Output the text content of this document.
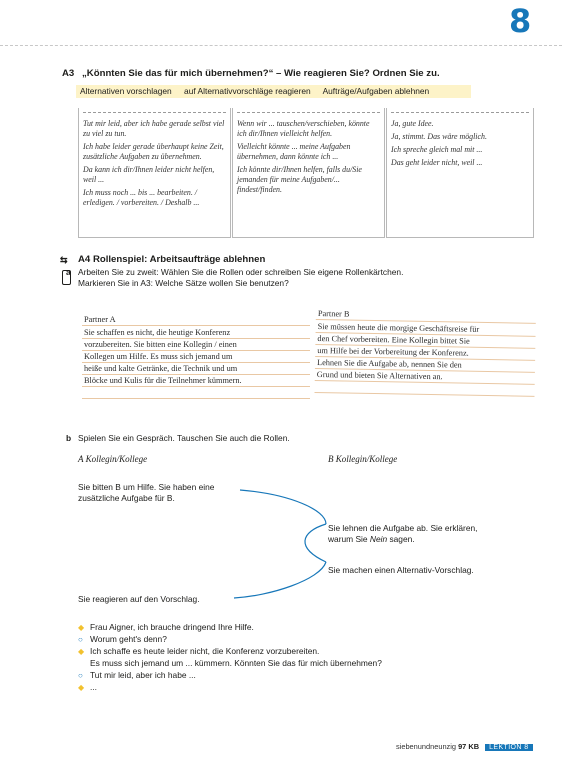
8
A3 „Könnten Sie das für mich übernehmen?“ – Wie reagieren Sie? Ordnen Sie zu.
Alternativen vorschlagen auf Alternativvorschläge reagieren Aufträge/Aufgaben ablehnen

Tut mir leid, aber ich habe gerade selbst viel zu viel zu tun.

Ich habe leider gerade überhaupt keine Zeit, zusätzliche Aufgaben zu übernehmen.

Da kann ich dir/Ihnen leider nicht helfen, weil ...

Ich muss noch ... bis ... bearbeiten. / erledigen. / vorbereiten. / Deshalb ...

Wenn wir ... tauschen/verschieben, könnte ich dir/Ihnen vielleicht helfen.

Vielleicht könnte ... meine Aufgaben übernehmen, dann könnte ich ...

Ich könnte dir/Ihnen helfen, falls du/Sie jemanden für meine Aufgaben/... findest/finden.

Ja, gute Idee.

Ja, stimmt. Das wäre möglich.

Ich spreche gleich mal mit ...

Das geht leider nicht, weil ...

⇆ A4 Rollenspiel: Arbeitsaufträge ablehnen
a Arbeiten Sie zu zweit: Wählen Sie die Rollen oder schreiben Sie eigene Rollenkärtchen.
Markieren Sie in A3: Welche Sätze wollen Sie benutzen?
Partner A
Sie schaffen es nicht, die heutige Konferenz
vorzubereiten. Sie bitten eine Kollegin / einen
Kollegen um Hilfe. Es muss sich jemand um
heiße und kalte Getränke, die Technik und um
Blöcke und Kulis für die Teilnehmer kümmern.
Partner B
Sie müssen heute die morgige Geschäftsreise für
den Chef vorbereiten. Eine Kollegin bittet Sie
um Hilfe bei der Vorbereitung der Konferenz.
Lehnen Sie die Aufgabe ab, nennen Sie den
Grund und bieten Sie Alternativen an.
b Spielen Sie ein Gespräch. Tauschen Sie auch die Rollen.
A Kollegin/Kollege	B Kollegin/Kollege
Sie bitten B um Hilfe. Sie haben eine
zusätzliche Aufgabe für B.
Sie lehnen die Aufgabe ab. Sie erklären,
warum Sie Nein sagen.
Sie machen einen Alternativ-Vorschlag.
Sie reagieren auf den Vorschlag.
◆ Frau Aigner, ich brauche dringend Ihre Hilfe.
○ Worum geht's denn?
◆ Ich schaffe es heute leider nicht, die Konferenz vorzubereiten.
Es muss sich jemand um ... kümmern. Könnten Sie das für mich übernehmen?
○ Tut mir leid, aber ich habe ...
◆ ...
siebenundneunzig 97 KB LEKTION 8
